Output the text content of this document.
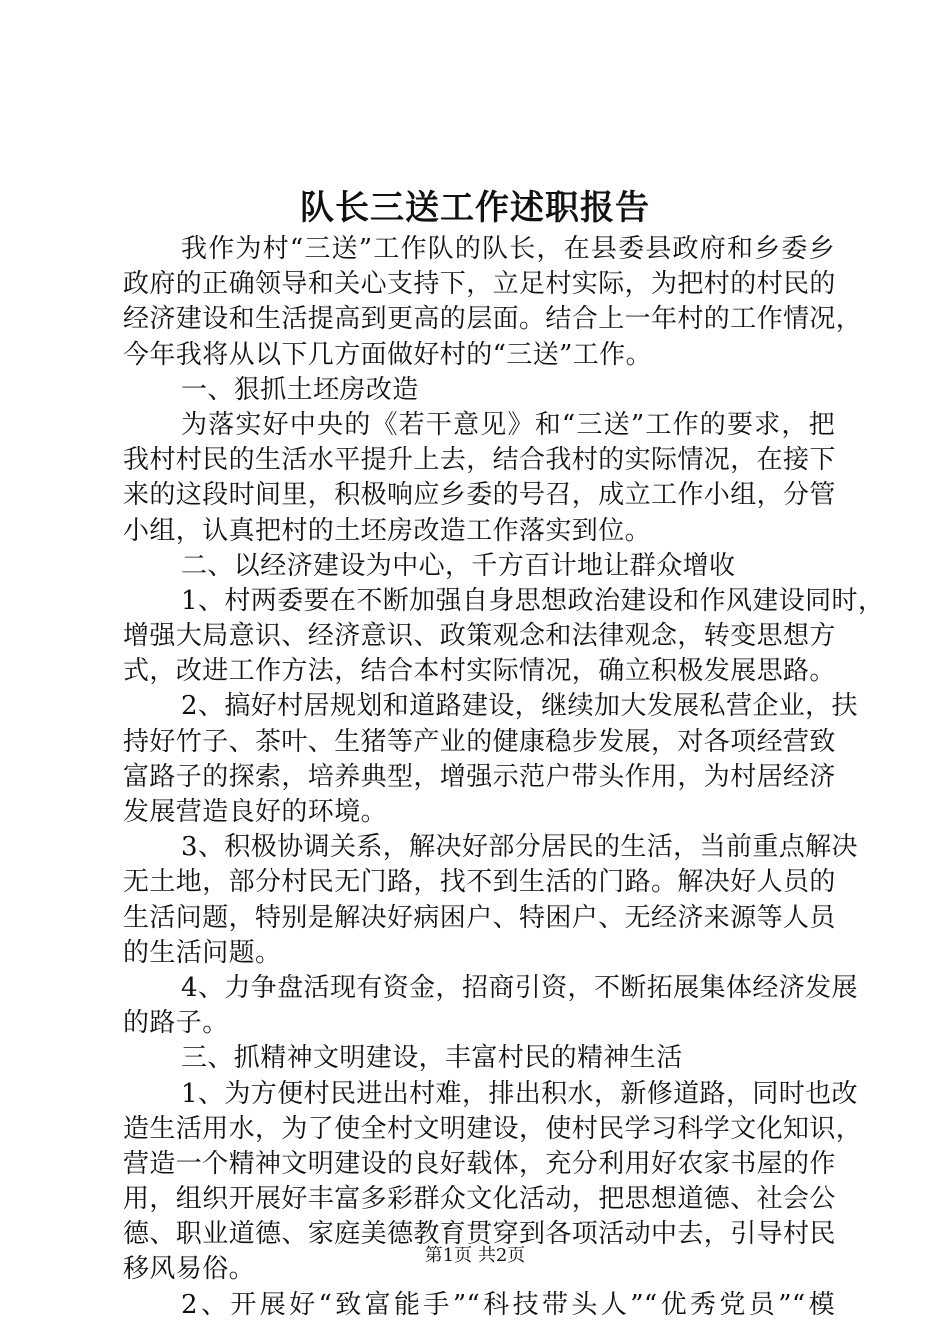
队长三送工作述职报告
我作为村“三送”工作队的队长，在县委县政府和乡委乡
政府的正确领导和关心支持下，立足村实际，为把村的村民的
经济建设和生活提高到更高的层面。结合上一年村的工作情况，
今年我将从以下几方面做好村的“三送”工作。
一、狠抓土坯房改造
为落实好中央的《若干意见》和“三送”工作的要求，把
我村村民的生活水平提升上去，结合我村的实际情况，在接下
来的这段时间里，积极响应乡委的号召，成立工作小组，分管
小组，认真把村的土坯房改造工作落实到位。
二、以经济建设为中心，千方百计地让群众增收
1、村两委要在不断加强自身思想政治建设和作风建设同时，
增强大局意识、经济意识、政策观念和法律观念，转变思想方
式，改进工作方法，结合本村实际情况，确立积极发展思路。
2、搞好村居规划和道路建设，继续加大发展私营企业，扶
持好竹子、茶叶、生猪等产业的健康稳步发展，对各项经营致
富路子的探索，培养典型，增强示范户带头作用，为村居经济
发展营造良好的环境。
3、积极协调关系，解决好部分居民的生活，当前重点解决
无土地，部分村民无门路，找不到生活的门路。解决好人员的
生活问题，特别是解决好病困户、特困户、无经济来源等人员
的生活问题。
4、力争盘活现有资金，招商引资，不断拓展集体经济发展
的路子。
三、抓精神文明建设，丰富村民的精神生活
1、为方便村民进出村难，排出积水，新修道路，同时也改
造生活用水，为了使全村文明建设，使村民学习科学文化知识，
营造一个精神文明建设的良好载体，充分利用好农家书屋的作
用，组织开展好丰富多彩群众文化活动，把思想道德、社会公
德、职业道德、家庭美德教育贯穿到各项活动中去，引导村民
移风易俗。
2、开展好“致富能手”“科技带头人”“优秀党员”“模
第1页 共2页
